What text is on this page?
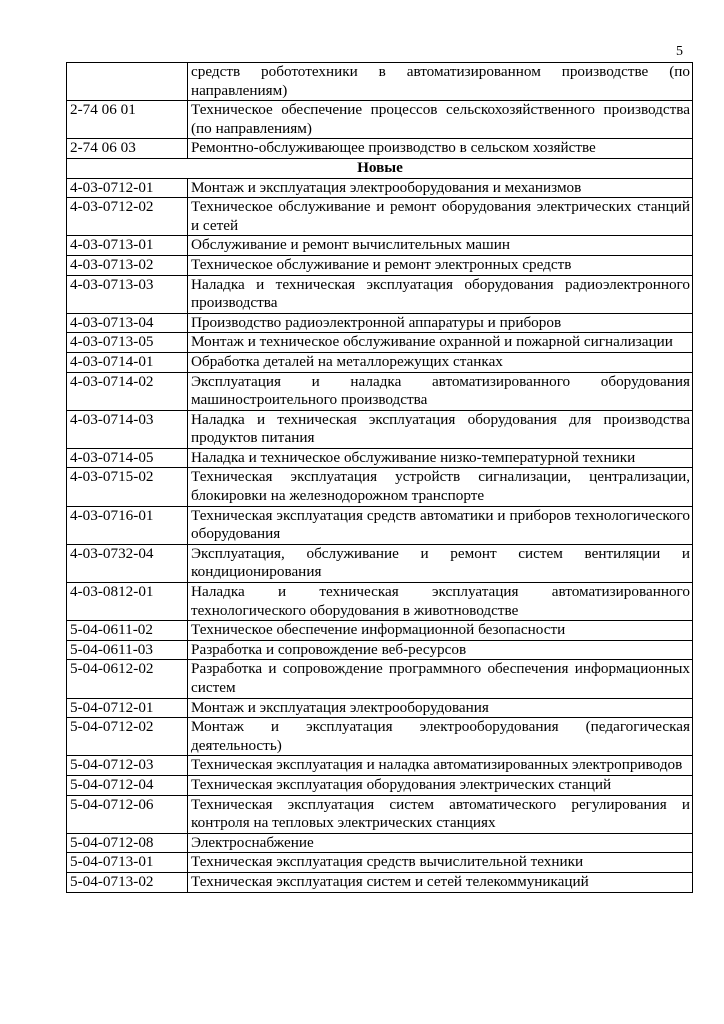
5
	средств робототехники в автоматизированном производстве (по направлениям)
2-74 06 01	Техническое обеспечение процессов сельскохозяйственного производства (по направлениям)
2-74 06 03	Ремонтно-обслуживающее производство в сельском хозяйстве
Новые	
4-03-0712-01	Монтаж и эксплуатация электрооборудования и механизмов
4-03-0712-02	Техническое обслуживание и ремонт оборудования электрических станций и сетей
4-03-0713-01	Обслуживание и ремонт вычислительных машин
4-03-0713-02	Техническое обслуживание и ремонт электронных средств
4-03-0713-03	Наладка и техническая эксплуатация оборудования радиоэлектронного производства
4-03-0713-04	Производство радиоэлектронной аппаратуры и приборов
4-03-0713-05	Монтаж и техническое обслуживание охранной и пожарной сигнализации
4-03-0714-01	Обработка деталей на металлорежущих станках
4-03-0714-02	Эксплуатация и наладка автоматизированного оборудования машиностроительного производства
4-03-0714-03	Наладка и техническая эксплуатация оборудования для производства продуктов питания
4-03-0714-05	Наладка и техническое обслуживание низко-температурной техники
4-03-0715-02	Техническая эксплуатация устройств сигнализации, централизации, блокировки на железнодорожном транспорте
4-03-0716-01	Техническая эксплуатация средств автоматики и приборов технологического оборудования
4-03-0732-04	Эксплуатация, обслуживание и ремонт систем вентиляции и кондиционирования
4-03-0812-01	Наладка и техническая эксплуатация автоматизированного технологического оборудования в животноводстве
5-04-0611-02	Техническое обеспечение информационной безопасности
5-04-0611-03	Разработка и сопровождение веб-ресурсов
5-04-0612-02	Разработка и сопровождение программного обеспечения информационных систем
5-04-0712-01	Монтаж и эксплуатация электрооборудования
5-04-0712-02	Монтаж и эксплуатация электрооборудования (педагогическая деятельность)
5-04-0712-03	Техническая эксплуатация и наладка автоматизированных электроприводов
5-04-0712-04	Техническая эксплуатация оборудования электрических станций
5-04-0712-06	Техническая эксплуатация систем автоматического регулирования и контроля на тепловых электрических станциях
5-04-0712-08	Электроснабжение
5-04-0713-01	Техническая эксплуатация средств вычислительной техники
5-04-0713-02	Техническая эксплуатация систем и сетей телекоммуникаций
